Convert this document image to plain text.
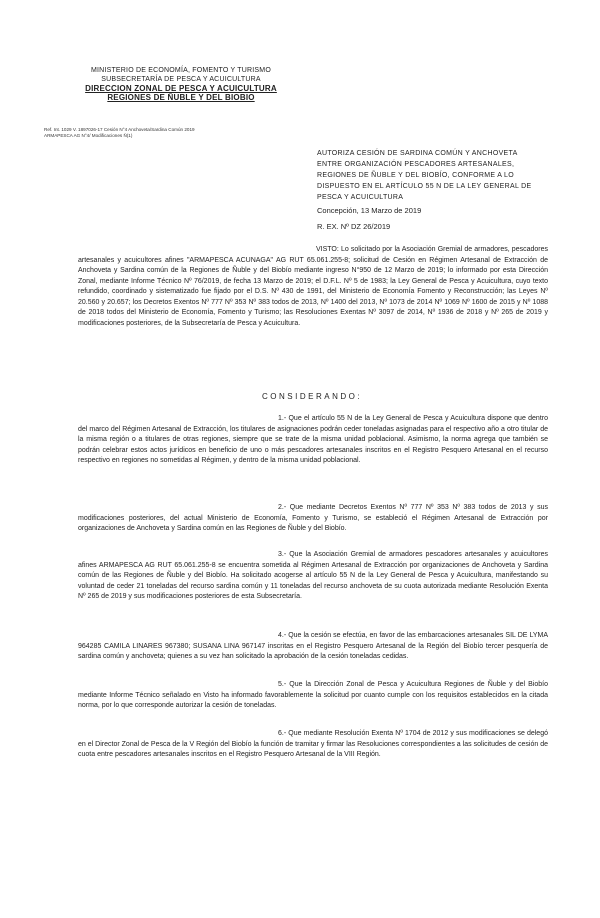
MINISTERIO DE ECONOMÍA, FOMENTO Y TURISMO
SUBSECRETARÍA DE PESCA Y ACUICULTURA
DIRECCION ZONAL DE PESCA Y ACUICULTURA
REGIONES DE ÑUBLE Y DEL BIOBIO
Ref. Int. 1029 V. 1897026-17 Cesión N°4 Anchoveta/Sardina Común 2019
ARMAPESCA AG N°4/ Modificaciones Ñ(1)
AUTORIZA CESIÓN DE SARDINA COMÚN Y ANCHOVETA ENTRE ORGANIZACIÓN PESCADORES ARTESANALES, REGIONES DE ÑUBLE Y DEL BIOBÍO, CONFORME A LO DISPUESTO EN EL ARTÍCULO 55 N DE LA LEY GENERAL DE PESCA Y ACUICULTURA
Concepción, 13 Marzo de 2019
R. EX. Nº DZ 26/2019
VISTO: Lo solicitado por la Asociación Gremial de armadores, pescadores artesanales y acuicultores afines "ARMAPESCA ACUNAGA" AG RUT 65.061.255-8; solicitud de Cesión en Régimen Artesanal de Extracción de Anchoveta y Sardina común de la Regiones de Ñuble y del Biobío mediante ingreso N°950 de 12 Marzo de 2019; lo informado por esta Dirección Zonal, mediante Informe Técnico Nº 76/2019, de fecha 13 Marzo de 2019; el D.F.L. Nº 5 de 1983; la Ley General de Pesca y Acuicultura, cuyo texto refundido, coordinado y sistematizado fue fijado por el D.S. Nº 430 de 1991, del Ministerio de Economía Fomento y Reconstrucción; las Leyes Nº 20.560 y 20.657; los Decretos Exentos Nº 777 Nº 353 Nº 383 todos de 2013, Nº 1400 del 2013, Nº 1073 de 2014 Nº 1069 Nº 1600 de 2015 y Nº 1088 de 2018 todos del Ministerio de Economía, Fomento y Turismo; las Resoluciones Exentas Nº 3097 de 2014, Nº 1936 de 2018 y Nº 265 de 2019 y modificaciones posteriores, de la Subsecretaría de Pesca y Acuicultura.
CONSIDERANDO:
1.- Que el artículo 55 N de la Ley General de Pesca y Acuicultura dispone que dentro del marco del Régimen Artesanal de Extracción, los titulares de asignaciones podrán ceder toneladas asignadas para el respectivo año a otro titular de la misma región o a titulares de otras regiones, siempre que se trate de la misma unidad poblacional. Asimismo, la norma agrega que también se podrán celebrar estos actos jurídicos en beneficio de uno o más pescadores artesanales inscritos en el Registro Pesquero Artesanal en el recurso respectivo en regiones no sometidas al Régimen, y dentro de la misma unidad poblacional.
2.- Que mediante Decretos Exentos Nº 777 Nº 353 Nº 383 todos de 2013 y sus modificaciones posteriores, del actual Ministerio de Economía, Fomento y Turismo, se estableció el Régimen Artesanal de Extracción por organizaciones de Anchoveta y Sardina común en las Regiones de Ñuble y del Biobío.
3.- Que la Asociación Gremial de armadores pescadores artesanales y acuicultores afines ARMAPESCA AG RUT 65.061.255-8 se encuentra sometida al Régimen Artesanal de Extracción por organizaciones de Anchoveta y Sardina común de las Regiones de Ñuble y del Biobío. Ha solicitado acogerse al artículo 55 N de la Ley General de Pesca y Acuicultura, manifestando su voluntad de ceder 21 toneladas del recurso sardina común y 11 toneladas del recurso anchoveta de su cuota autorizada mediante Resolución Exenta Nº 265 de 2019 y sus modificaciones posteriores de esta Subsecretaría.
4.- Que la cesión se efectúa, en favor de las embarcaciones artesanales SIL DE LYMA 964285 CAMILA LINARES 967380; SUSANA LINA 967147 inscritas en el Registro Pesquero Artesanal de la Región del Biobío tercer pesquería de sardina común y anchoveta; quienes a su vez han solicitado la aprobación de la cesión toneladas cedidas.
5.- Que la Dirección Zonal de Pesca y Acuicultura Regiones de Ñuble y del Biobío mediante Informe Técnico señalado en Visto ha informado favorablemente la solicitud por cuanto cumple con los requisitos establecidos en la citada norma, por lo que corresponde autorizar la cesión de toneladas.
6.- Que mediante Resolución Exenta Nº 1704 de 2012 y sus modificaciones se delegó en el Director Zonal de Pesca de la V Región del Biobío la función de tramitar y firmar las Resoluciones correspondientes a las solicitudes de cesión de cuota entre pescadores artesanales inscritos en el Registro Pesquero Artesanal de la VIII Región.
